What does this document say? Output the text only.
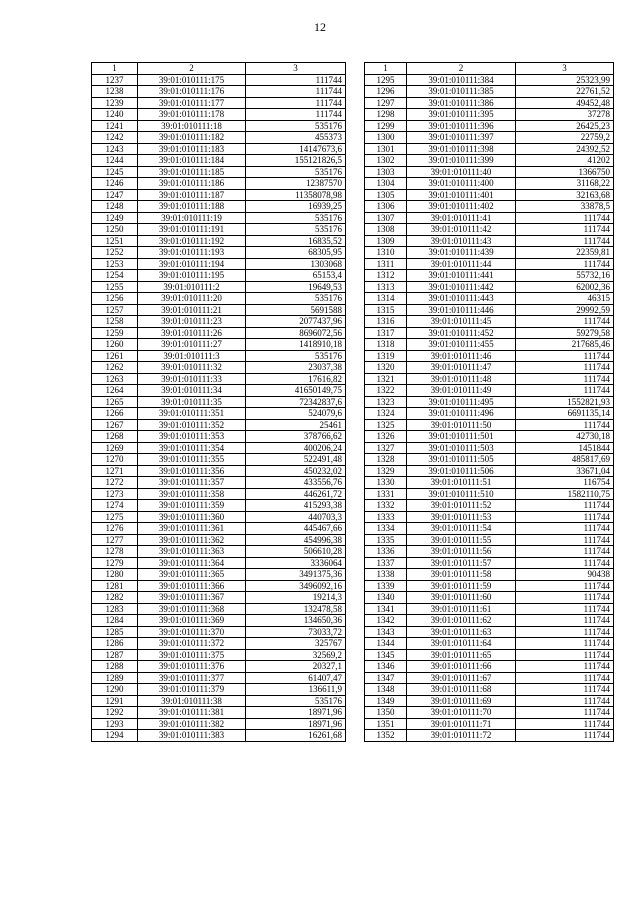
12
1	2	3
1237	39:01:010111:175	111744
1238	39:01:010111:176	111744
1239	39:01:010111:177	111744
1240	39:01:010111:178	111744
1241	39:01:010111:18	535176
1242	39:01:010111:182	455373
1243	39:01:010111:183	14147673,6
1244	39:01:010111:184	155121826,5
1245	39:01:010111:185	535176
1246	39:01:010111:186	12387570
1247	39:01:010111:187	11358078,98
1248	39:01:010111:188	16939,25
1249	39:01:010111:19	535176
1250	39:01:010111:191	535176
1251	39:01:010111:192	16835,52
1252	39:01:010111:193	68305,95
1253	39:01:010111:194	1303068
1254	39:01:010111:195	65153,4
1255	39:01:010111:2	19649,53
1256	39:01:010111:20	535176
1257	39:01:010111:21	5691588
1258	39:01:010111:23	2077437,96
1259	39:01:010111:26	8696072,56
1260	39:01:010111:27	1418910,18
1261	39:01:010111:3	535176
1262	39:01:010111:32	23037,38
1263	39:01:010111:33	17616,82
1264	39:01:010111:34	41650149,75
1265	39:01:010111:35	72342837,6
1266	39:01:010111:351	524079,6
1267	39:01:010111:352	25461
1268	39:01:010111:353	378766,62
1269	39:01:010111:354	400206,24
1270	39:01:010111:355	522491,48
1271	39:01:010111:356	450232,02
1272	39:01:010111:357	433556,76
1273	39:01:010111:358	446261,72
1274	39:01:010111:359	415293,38
1275	39:01:010111:360	440703,3
1276	39:01:010111:361	445467,66
1277	39:01:010111:362	454996,38
1278	39:01:010111:363	506610,28
1279	39:01:010111:364	3336064
1280	39:01:010111:365	3491375,36
1281	39:01:010111:366	3496092,16
1282	39:01:010111:367	19214,3
1283	39:01:010111:368	132478,58
1284	39:01:010111:369	134650,36
1285	39:01:010111:370	73033,72
1286	39:01:010111:372	325767
1287	39:01:010111:375	32569,2
1288	39:01:010111:376	20327,1
1289	39:01:010111:377	61407,47
1290	39:01:010111:379	136611,9
1291	39:01:010111:38	535176
1292	39:01:010111:381	18971,96
1293	39:01:010111:382	18971,96
1294	39:01:010111:383	16261,68
1	2	3
1295	39:01:010111:384	25323,99
1296	39:01:010111:385	22761,52
1297	39:01:010111:386	49452,48
1298	39:01:010111:395	37278
1299	39:01:010111:396	26425,23
1300	39:01:010111:397	22759,2
1301	39:01:010111:398	24392,52
1302	39:01:010111:399	41202
1303	39:01:010111:40	1366750
1304	39:01:010111:400	31168,22
1305	39:01:010111:401	32163,68
1306	39:01:010111:402	33878,5
1307	39:01:010111:41	111744
1308	39:01:010111:42	111744
1309	39:01:010111:43	111744
1310	39:01:010111:439	22359,81
1311	39:01:010111:44	111744
1312	39:01:010111:441	55732,16
1313	39:01:010111:442	62002,36
1314	39:01:010111:443	46315
1315	39:01:010111:446	29992,59
1316	39:01:010111:45	111744
1317	39:01:010111:452	59279,58
1318	39:01:010111:455	217685,46
1319	39:01:010111:46	111744
1320	39:01:010111:47	111744
1321	39:01:010111:48	111744
1322	39:01:010111:49	111744
1323	39:01:010111:495	1552821,93
1324	39:01:010111:496	6691135,14
1325	39:01:010111:50	111744
1326	39:01:010111:501	42730,18
1327	39:01:010111:503	1451844
1328	39:01:010111:505	485817,69
1329	39:01:010111:506	33671,04
1330	39:01:010111:51	116754
1331	39:01:010111:510	1582110,75
1332	39:01:010111:52	111744
1333	39:01:010111:53	111744
1334	39:01:010111:54	111744
1335	39:01:010111:55	111744
1336	39:01:010111:56	111744
1337	39:01:010111:57	111744
1338	39:01:010111:58	90438
1339	39:01:010111:59	111744
1340	39:01:010111:60	111744
1341	39:01:010111:61	111744
1342	39:01:010111:62	111744
1343	39:01:010111:63	111744
1344	39:01:010111:64	111744
1345	39:01:010111:65	111744
1346	39:01:010111:66	111744
1347	39:01:010111:67	111744
1348	39:01:010111:68	111744
1349	39:01:010111:69	111744
1350	39:01:010111:70	111744
1351	39:01:010111:71	111744
1352	39:01:010111:72	111744
